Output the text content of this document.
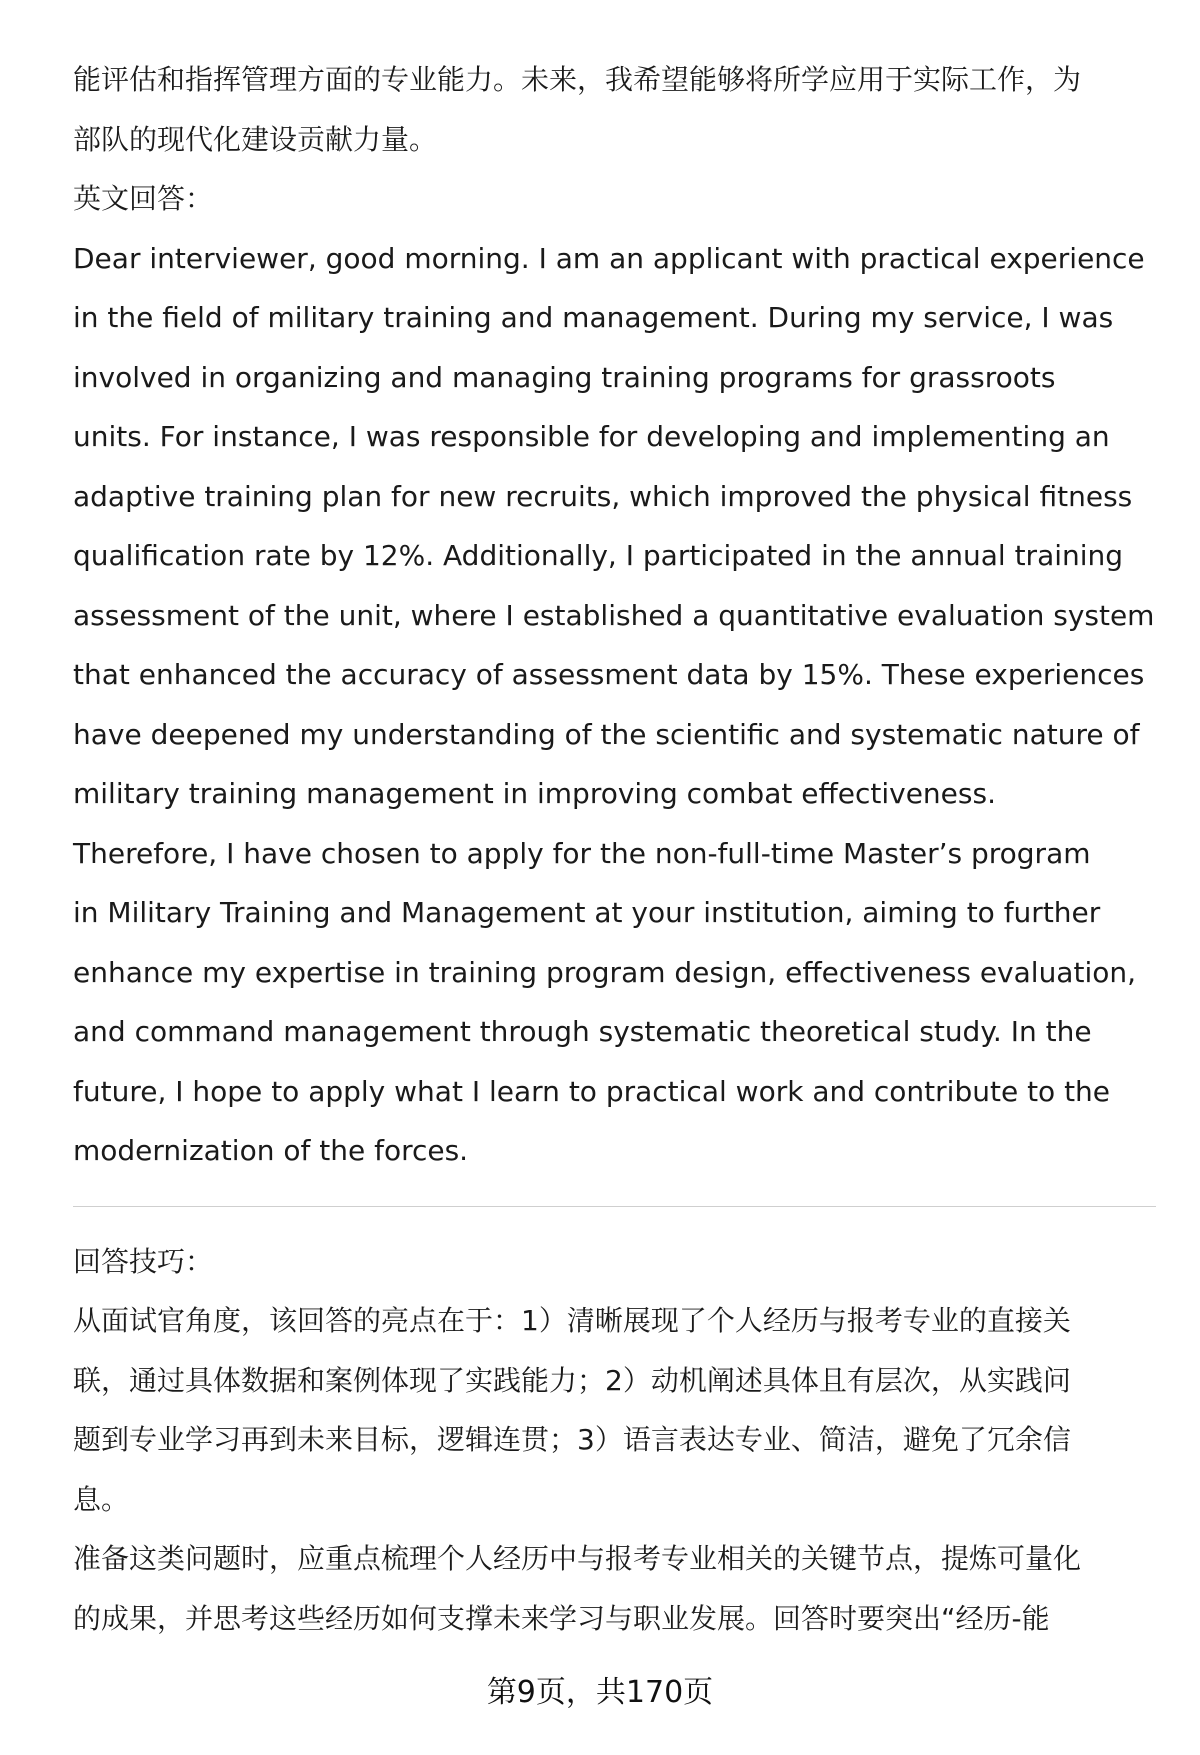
能评估和指挥管理方面的专业能力。未来，我希望能够将所学应用于实际工作，为
部队的现代化建设贡献力量。
英文回答：
Dear interviewer, good morning. I am an applicant with practical experience
in the field of military training and management. During my service, I was
involved in organizing and managing training programs for grassroots
units. For instance, I was responsible for developing and implementing an
adaptive training plan for new recruits, which improved the physical fitness
qualification rate by 12%. Additionally, I participated in the annual training
assessment of the unit, where I established a quantitative evaluation system
that enhanced the accuracy of assessment data by 15%. These experiences
have deepened my understanding of the scientific and systematic nature of
military training management in improving combat effectiveness.
Therefore, I have chosen to apply for the non-full-time Master’s program
in Military Training and Management at your institution, aiming to further
enhance my expertise in training program design, effectiveness evaluation,
and command management through systematic theoretical study. In the
future, I hope to apply what I learn to practical work and contribute to the
modernization of the forces.
回答技巧：
从面试官角度，该回答的亮点在于：1）清晰展现了个人经历与报考专业的直接关
联，通过具体数据和案例体现了实践能力；2）动机阐述具体且有层次，从实践问
题到专业学习再到未来目标，逻辑连贯；3）语言表达专业、简洁，避免了冗余信
息。
准备这类问题时，应重点梳理个人经历中与报考专业相关的关键节点，提炼可量化
的成果，并思考这些经历如何支撑未来学习与职业发展。回答时要突出“经历-能
第9页，共170页
